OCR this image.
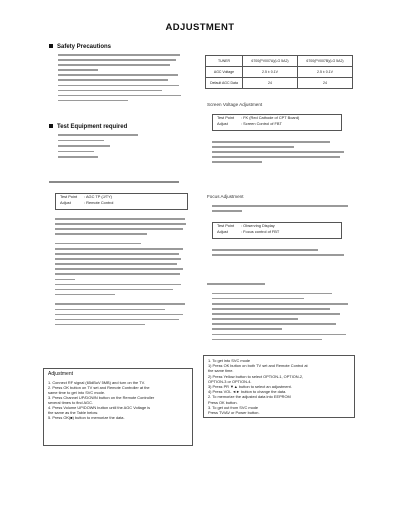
ADJUSTMENT
Safety Precautions
Test Equipment required
Test Point : AGC TP (J/TY)
Adjust	: Remote Control
Adjustment

1. Connect RF signal (65dBuV 5MB) and turn on the TV.

2. Press OK button on TV set and Remote Controller at the

same time to get into SVC mode.

3. Press Channel UP/DOWN button on the Remote Controller

several times to find AGC.

4. Press Volume UP/DOWN button until the AGC Voltage is

the same as the Table below.

5. Press OK(■) button to memorize the data.

TUNER	6700(PV007A)(LG 5A2)	6700(PV007B)(LG 5A2)
AGC Voltage	2.5 ± 0.1V	2.5 ± 0.1V
Default AGC Data	24	24
Screen Voltage Adjustment
Test Point : FK (Red Cathode of CPT Board)
Adjust	: Screen Control of FBT
Focus Adjustment
Test Point : Observing Display
Adjust	: Focus control of FBT

1. To get into SVC mode

1) Press OK button on both TV set and Remote Control at

the same time.

2) Press Yellow button to select OPTION-1, OPTION-2,

OPTION-3 or OPTION-4.

3) Press PR ▼▲ button to select an adjustment.

4) Press VOL ◄► button to change the data.

2. To memorize the adjusted data into EEPROM

Press OK button.

3. To get out from SVC mode

Press TV/AV or Power button.
